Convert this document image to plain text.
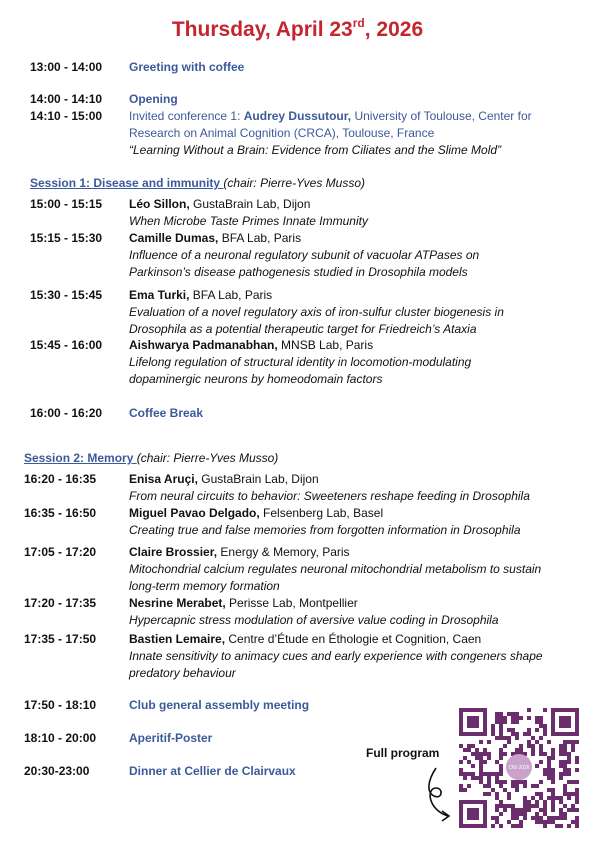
Thursday, April 23rd, 2026
13:00 - 14:00 Greeting with coffee
14:00 - 14:10 Opening
14:10 - 15:00 Invited conference 1: Audrey Dussutour, University of Toulouse, Center for Research on Animal Cognition (CRCA), Toulouse, France
“Learning Without a Brain: Evidence from Ciliates and the Slime Mold”
Session 1: Disease and immunity (chair: Pierre-Yves Musso)
15:00 - 15:15 Léo Sillon, GustaBrain Lab, Dijon
When Microbe Taste Primes Innate Immunity
15:15 - 15:30 Camille Dumas, BFA Lab, Paris
Influence of a neuronal regulatory subunit of vacuolar ATPases on Parkinson’s disease pathogenesis studied in Drosophila models
15:30 - 15:45 Ema Turki, BFA Lab, Paris
Evaluation of a novel regulatory axis of iron-sulfur cluster biogenesis in Drosophila as a potential therapeutic target for Friedreich’s Ataxia
15:45 - 16:00 Aishwarya Padmanabhan, MNSB Lab, Paris
Lifelong regulation of structural identity in locomotion-modulating dopaminergic neurons by homeodomain factors
16:00 - 16:20 Coffee Break
Session 2: Memory (chair: Pierre-Yves Musso)
16:20 - 16:35	Enisa Aruçi, GustaBrain Lab, Dijon
From neural circuits to behavior: Sweeteners reshape feeding in Drosophila
16:35 - 16:50	Miguel Pavao Delgado, Felsenberg Lab, Basel
Creating true and false memories from forgotten information in Drosophila
17:05 - 17:20	Claire Brossier, Energy & Memory, Paris
Mitochondrial calcium regulates neuronal mitochondrial metabolism to sustain long-term memory formation
17:20 - 17:35	Nesrine Merabet, Perisse Lab, Montpellier
Hypercapnic stress modulation of aversive value coding in Drosophila
17:35 - 17:50	Bastien Lemaire, Centre d’Étude en Éthologie et Cognition, Caen
Innate sensitivity to animacy cues and early experience with congeners shape predatory behaviour
17:50 - 18:10	Club general assembly meeting
18:10 - 20:00	Aperitif-Poster
20:30-23:00	Dinner at Cellier de Clairvaux
Full program
CNI 2026
